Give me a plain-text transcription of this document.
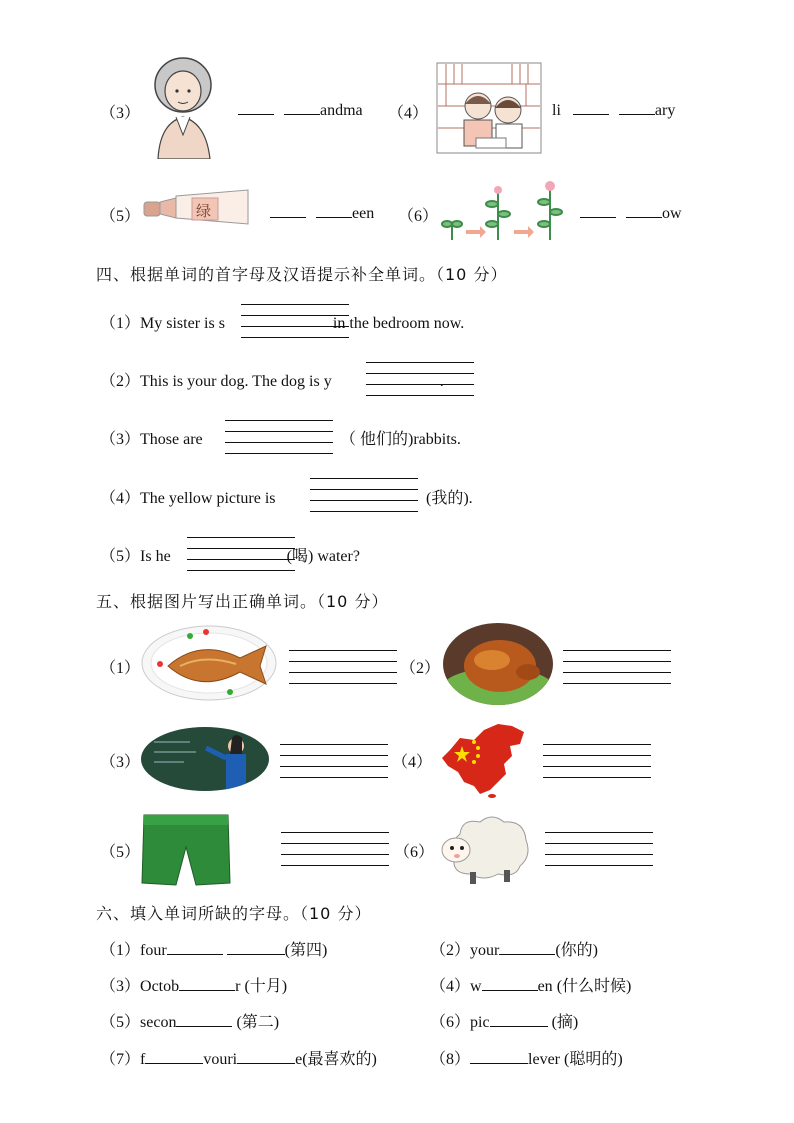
（3）	andma （4）	li	ary
（5）	绿	een （6）	ow
四、根据单词的首字母及汉语提示补全单词。（10 分）
（1）My sister is s	in the bedroom now.
（2）This is your dog. The dog is y	.
（3）Those are	（ 他们的)rabbits.
（4）The yellow picture is	(我的).
（5）Is he	(喝) water?
五、根据图片写出正确单词。（10 分）
（1）	（2）
（3）	（4）
（5）	（6）
六、填入单词所缺的字母。（10 分）
（1）four	(第四)	（2）your	(你的)
（3）Octob	r (十月)	（4）w	en (什么时候)
（5）secon	(第二)	（6）pic	(摘)
（7）f	vouri	e(最喜欢的)	（8）	lever (聪明的)
